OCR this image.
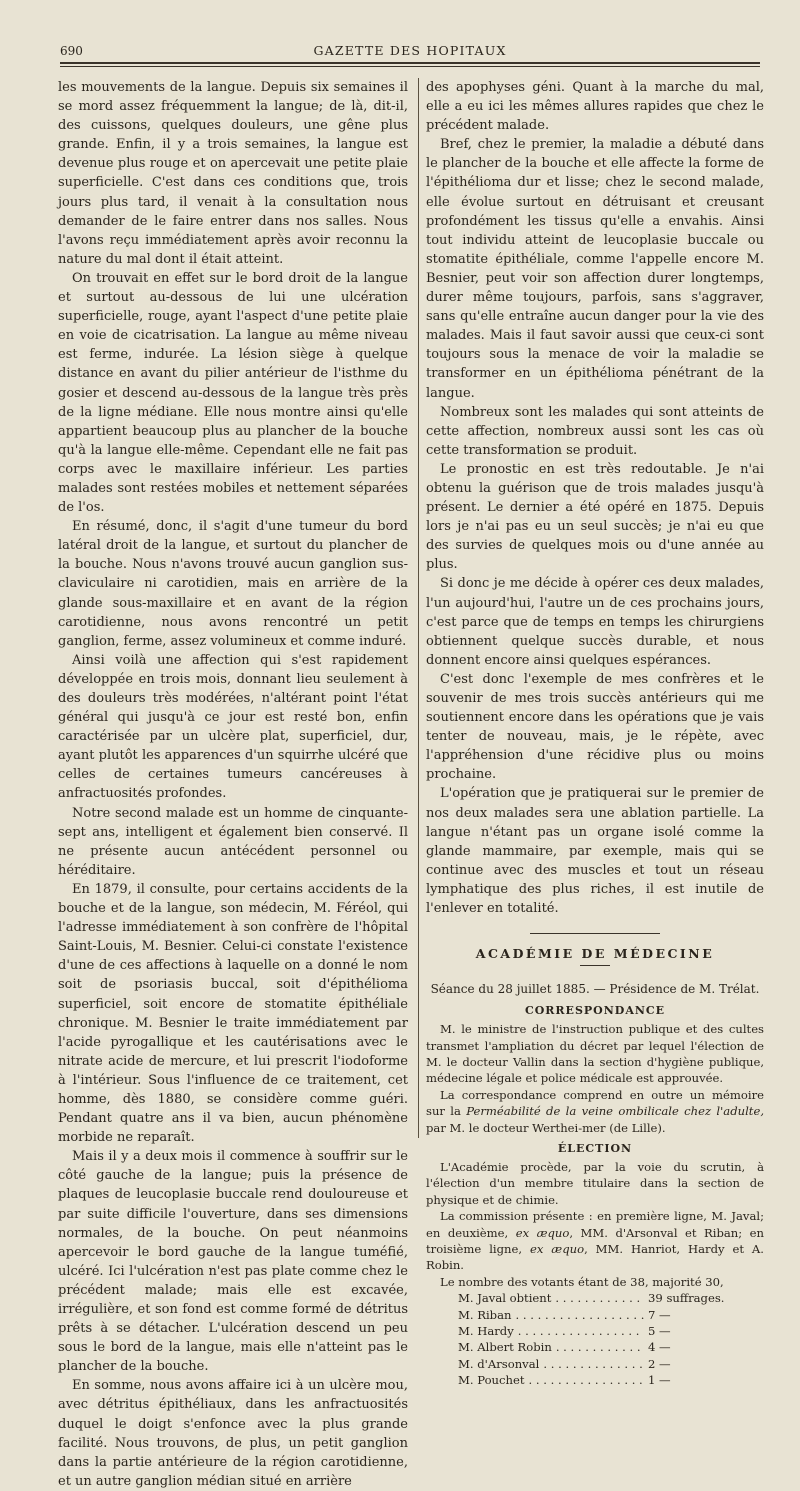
690	GAZETTE DES HOPITAUX

les mouvements de la langue. Depuis six semaines il se mord assez fréquemment la langue; de là, dit-il, des cuissons, quelques douleurs, une gêne plus grande. Enfin, il y a trois semaines, la langue est devenue plus rouge et on apercevait une petite plaie superficielle. C'est dans ces conditions que, trois jours plus tard, il venait à la consultation nous demander de le faire entrer dans nos salles. Nous l'avons reçu immédiatement après avoir reconnu la nature du mal dont il était atteint.

On trouvait en effet sur le bord droit de la langue et surtout au-dessous de lui une ulcération superficielle, rouge, ayant l'aspect d'une petite plaie en voie de cicatrisation. La langue au même niveau est ferme, indurée. La lésion siège à quelque distance en avant du pilier antérieur de l'isthme du gosier et descend au-dessous de la langue très près de la ligne médiane. Elle nous montre ainsi qu'elle appartient beaucoup plus au plancher de la bouche qu'à la langue elle-même. Cependant elle ne fait pas corps avec le maxillaire inférieur. Les parties malades sont restées mobiles et nettement séparées de l'os.

En résumé, donc, il s'agit d'une tumeur du bord latéral droit de la langue, et surtout du plancher de la bouche. Nous n'avons trouvé aucun ganglion sus-claviculaire ni carotidien, mais en arrière de la glande sous-maxillaire et en avant de la région carotidienne, nous avons rencontré un petit ganglion, ferme, assez volumineux et comme induré.

Ainsi voilà une affection qui s'est rapidement développée en trois mois, donnant lieu seulement à des douleurs très modérées, n'altérant point l'état général qui jusqu'à ce jour est resté bon, enfin caractérisée par un ulcère plat, superficiel, dur, ayant plutôt les apparences d'un squirrhe ulcéré que celles de certaines tumeurs cancéreuses à anfractuosités profondes.

Notre second malade est un homme de cinquante-sept ans, intelligent et également bien conservé. Il ne présente aucun antécédent personnel ou héréditaire.

En 1879, il consulte, pour certains accidents de la bouche et de la langue, son médecin, M. Féréol, qui l'adresse immédiatement à son confrère de l'hôpital Saint-Louis, M. Besnier. Celui-ci constate l'existence d'une de ces affections à laquelle on a donné le nom soit de psoriasis buccal, soit d'épithélioma superficiel, soit encore de stomatite épithéliale chronique. M. Besnier le traite immédiatement par l'acide pyrogallique et les cautérisations avec le nitrate acide de mercure, et lui prescrit l'iodoforme à l'intérieur. Sous l'influence de ce traitement, cet homme, dès 1880, se considère comme guéri. Pendant quatre ans il va bien, aucun phénomène morbide ne reparaît.

Mais il y a deux mois il commence à souffrir sur le côté gauche de la langue; puis la présence de plaques de leucoplasie buccale rend douloureuse et par suite difficile l'ouverture, dans ses dimensions normales, de la bouche. On peut néanmoins apercevoir le bord gauche de la langue tuméfié, ulcéré. Ici l'ulcération n'est pas plate comme chez le précédent malade; mais elle est excavée, irrégulière, et son fond est comme formé de détritus prêts à se détacher. L'ulcération descend un peu sous le bord de la langue, mais elle n'atteint pas le plancher de la bouche.

En somme, nous avons affaire ici à un ulcère mou, avec détritus épithéliaux, dans les anfractuosités duquel le doigt s'enfonce avec la plus grande facilité. Nous trouvons, de plus, un petit ganglion dans la partie antérieure de la région carotidienne, et un autre ganglion médian situé en arrière

des apophyses géni. Quant à la marche du mal, elle a eu ici les mêmes allures rapides que chez le précédent malade.

Bref, chez le premier, la maladie a débuté dans le plancher de la bouche et elle affecte la forme de l'épithélioma dur et lisse; chez le second malade, elle évolue surtout en détruisant et creusant profondément les tissus qu'elle a envahis. Ainsi tout individu atteint de leucoplasie buccale ou stomatite épithéliale, comme l'appelle encore M. Besnier, peut voir son affection durer longtemps, durer même toujours, parfois, sans s'aggraver, sans qu'elle entraîne aucun danger pour la vie des malades. Mais il faut savoir aussi que ceux-ci sont toujours sous la menace de voir la maladie se transformer en un épithélioma pénétrant de la langue.

Nombreux sont les malades qui sont atteints de cette affection, nombreux aussi sont les cas où cette transformation se produit.

Le pronostic en est très redoutable. Je n'ai obtenu la guérison que de trois malades jusqu'à présent. Le dernier a été opéré en 1875. Depuis lors je n'ai pas eu un seul succès; je n'ai eu que des survies de quelques mois ou d'une année au plus.

Si donc je me décide à opérer ces deux malades, l'un aujourd'hui, l'autre un de ces prochains jours, c'est parce que de temps en temps les chirurgiens obtiennent quelque succès durable, et nous donnent encore ainsi quelques espérances.

C'est donc l'exemple de mes confrères et le souvenir de mes trois succès antérieurs qui me soutiennent encore dans les opérations que je vais tenter de nouveau, mais, je le répète, avec l'appréhension d'une récidive plus ou moins prochaine.

L'opération que je pratiquerai sur le premier de nos deux malades sera une ablation partielle. La langue n'étant pas un organe isolé comme la glande mammaire, par exemple, mais qui se continue avec des muscles et tout un réseau lymphatique des plus riches, il est inutile de l'enlever en totalité.

ACADÉMIE DE MÉDECINE
Séance du 28 juillet 1885. — Présidence de M. Trélat.
CORRESPONDANCE

M. le ministre de l'instruction publique et des cultes transmet l'ampliation du décret par lequel l'élection de M. le docteur Vallin dans la section d'hygiène publique, médecine légale et police médicale est approuvée.

La correspondance comprend en outre un mémoire sur la Perméabilité de la veine ombilicale chez l'adulte, par M. le docteur Werthei-mer (de Lille).

ÉLECTION

L'Académie procède, par la voie du scrutin, à l'élection d'un membre titulaire dans la section de physique et de chimie.

La commission présente : en première ligne, M. Javal; en deuxième, ex æquo, MM. d'Arsonval et Riban; en troisième ligne, ex æquo, MM. Hanriot, Hardy et A. Robin.

Le nombre des votants étant de 38, majorité 30,

M. Javal obtient . . .	39 suffrages.
M. Riban . . .	7 —
M. Hardy . . .	5 —
M. Albert Robin . . .	4 —
M. d'Arsonval . . .	2 —
M. Pouchet . . .	1 —
